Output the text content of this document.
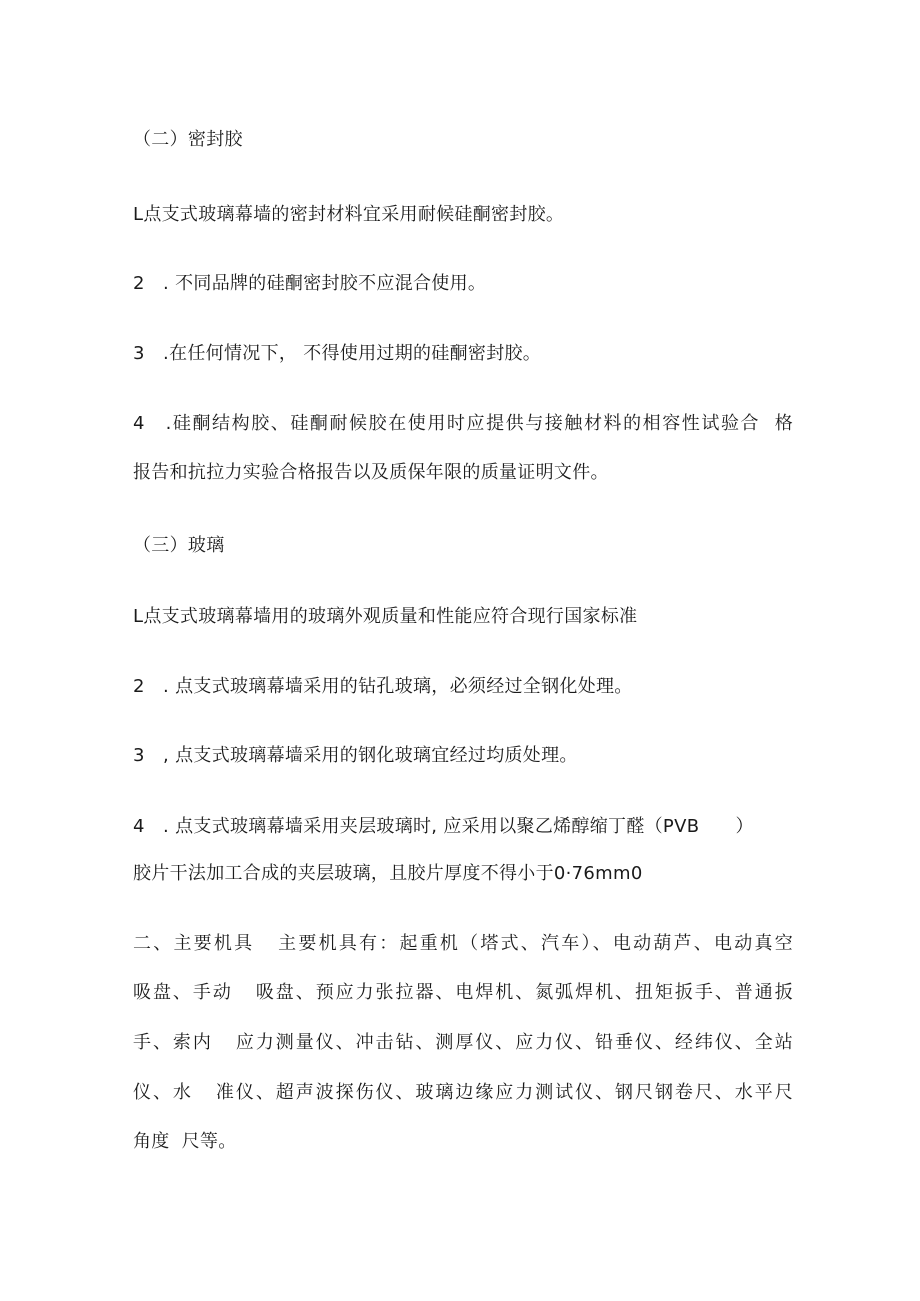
（二）密封胶
L点支式玻璃幕墙的密封材料宜采用耐候硅酮密封胶。
2　. 不同品牌的硅酮密封胶不应混合使用。
3　.在任何情况下， 不得使用过期的硅酮密封胶。
4　.硅酮结构胶、硅酮耐候胶在使用时应提供与接触材料的相容性试验合  格
报告和抗拉力实验合格报告以及质保年限的质量证明文件。
（三）玻璃
L点支式玻璃幕墙用的玻璃外观质量和性能应符合现行国家标准
2　. 点支式玻璃幕墙采用的钻孔玻璃，必须经过全钢化处理。
3　, 点支式玻璃幕墙采用的钢化玻璃宜经过均质处理。
4　. 点支式玻璃幕墙采用夹层玻璃时, 应采用以聚乙烯醇缩丁醛（PVB      ）
胶片干法加工合成的夹层玻璃，且胶片厚度不得小于0·76mm0
二、主要机具   主要机具有：起重机（塔式、汽车）、电动葫芦、电动真空
吸盘、手动   吸盘、预应力张拉器、电焊机、氮弧焊机、扭矩扳手、普通扳
手、索内   应力测量仪、冲击钻、测厚仪、应力仪、铅垂仪、经纬仪、全站
仪、水   准仪、超声波探伤仪、玻璃边缘应力测试仪、钢尺钢卷尺、水平尺
角度  尺等。
